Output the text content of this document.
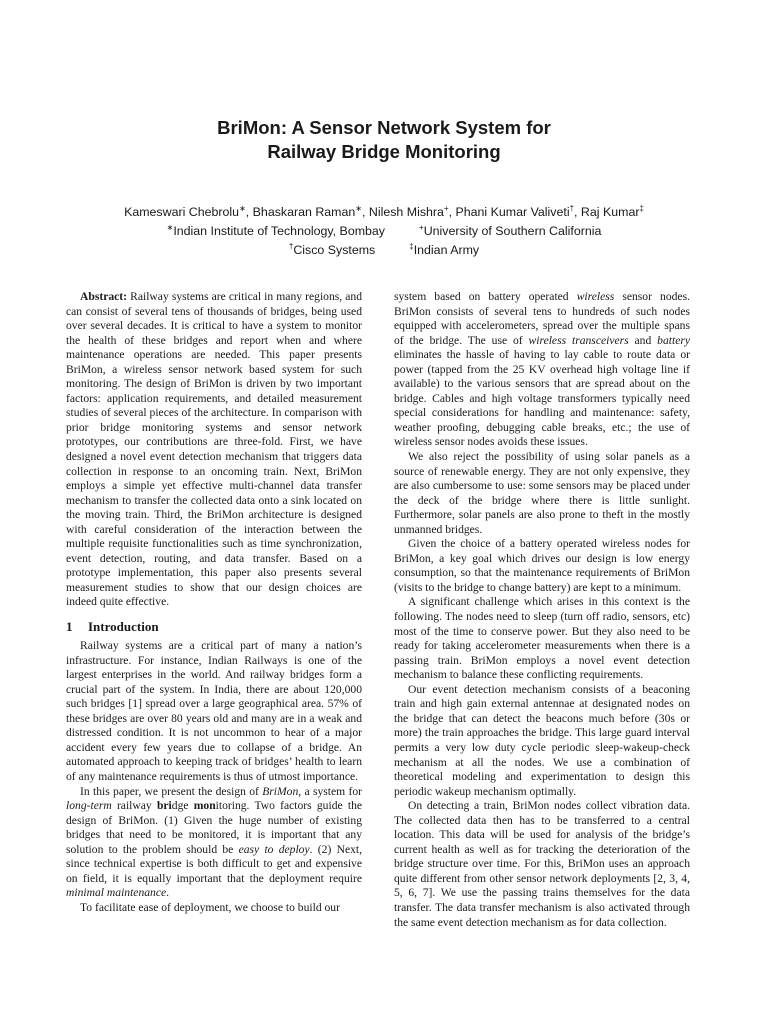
BriMon: A Sensor Network System for
Railway Bridge Monitoring
Kameswari Chebrolu∗, Bhaskaran Raman∗, Nilesh Mishra+, Phani Kumar Valiveti†, Raj Kumar‡
∗Indian Institute of Technology, Bombay	+University of Southern California
†Cisco Systems	‡Indian Army

Abstract: Railway systems are critical in many regions, and can consist of several tens of thousands of bridges, being used over several decades. It is critical to have a system to monitor the health of these bridges and report when and where maintenance operations are needed. This paper presents BriMon, a wireless sensor network based system for such monitoring. The design of BriMon is driven by two important factors: application requirements, and detailed measurement studies of several pieces of the architecture. In comparison with prior bridge monitoring systems and sensor network prototypes, our contributions are three-fold. First, we have designed a novel event detection mechanism that triggers data collection in response to an oncoming train. Next, BriMon employs a simple yet effective multi-channel data transfer mechanism to transfer the collected data onto a sink located on the moving train. Third, the BriMon architecture is designed with careful consideration of the interaction between the multiple requisite functionalities such as time synchronization, event detection, routing, and data transfer. Based on a prototype implementation, this paper also presents several measurement studies to show that our design choices are indeed quite effective.

1 Introduction

Railway systems are a critical part of many a nation’s infrastructure. For instance, Indian Railways is one of the largest enterprises in the world. And railway bridges form a crucial part of the system. In India, there are about 120,000 such bridges [1] spread over a large geographical area. 57% of these bridges are over 80 years old and many are in a weak and distressed condition. It is not uncommon to hear of a major accident every few years due to collapse of a bridge. An automated approach to keeping track of bridges’ health to learn of any maintenance requirements is thus of utmost importance.

In this paper, we present the design of BriMon, a system for long-term railway bridge monitoring. Two factors guide the design of BriMon. (1) Given the huge number of existing bridges that need to be monitored, it is important that any solution to the problem should be easy to deploy. (2) Next, since technical expertise is both difficult to get and expensive on field, it is equally important that the deployment require minimal maintenance.

To facilitate ease of deployment, we choose to build our

system based on battery operated wireless sensor nodes. BriMon consists of several tens to hundreds of such nodes equipped with accelerometers, spread over the multiple spans of the bridge. The use of wireless transceivers and battery eliminates the hassle of having to lay cable to route data or power (tapped from the 25 KV overhead high voltage line if available) to the various sensors that are spread about on the bridge. Cables and high voltage transformers typically need special considerations for handling and maintenance: safety, weather proofing, debugging cable breaks, etc.; the use of wireless sensor nodes avoids these issues.

We also reject the possibility of using solar panels as a source of renewable energy. They are not only expensive, they are also cumbersome to use: some sensors may be placed under the deck of the bridge where there is little sunlight. Furthermore, solar panels are also prone to theft in the mostly unmanned bridges.

Given the choice of a battery operated wireless nodes for BriMon, a key goal which drives our design is low energy consumption, so that the maintenance requirements of BriMon (visits to the bridge to change battery) are kept to a minimum.

A significant challenge which arises in this context is the following. The nodes need to sleep (turn off radio, sensors, etc) most of the time to conserve power. But they also need to be ready for taking accelerometer measurements when there is a passing train. BriMon employs a novel event detection mechanism to balance these conflicting requirements.

Our event detection mechanism consists of a beaconing train and high gain external antennae at designated nodes on the bridge that can detect the beacons much before (30s or more) the train approaches the bridge. This large guard interval permits a very low duty cycle periodic sleep-wakeup-check mechanism at all the nodes. We use a combination of theoretical modeling and experimentation to design this periodic wakeup mechanism optimally.

On detecting a train, BriMon nodes collect vibration data. The collected data then has to be transferred to a central location. This data will be used for analysis of the bridge’s current health as well as for tracking the deterioration of the bridge structure over time. For this, BriMon uses an approach quite different from other sensor network deployments [2, 3, 4, 5, 6, 7]. We use the passing trains themselves for the data transfer. The data transfer mechanism is also activated through the same event detection mechanism as for data collection.
